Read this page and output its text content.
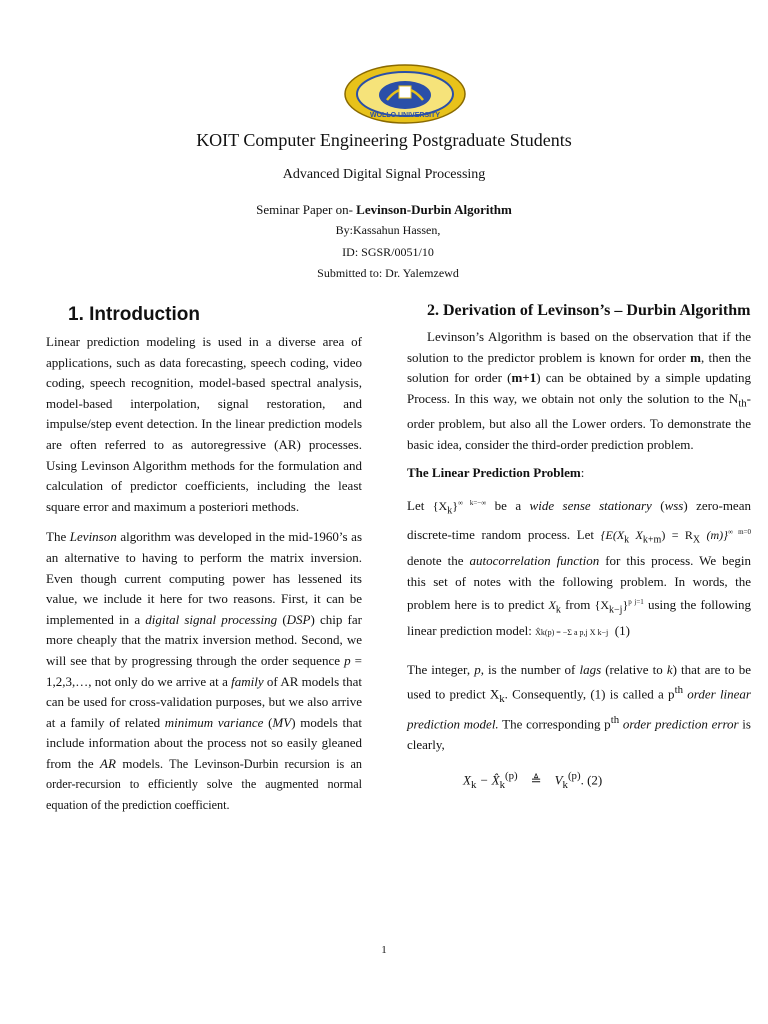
WOLLO UNIVERSITY
KOIT Computer Engineering Postgraduate Students
Advanced Digital Signal Processing
Seminar Paper on- Levinson-Durbin Algorithm
By:Kassahun Hassen,
ID: SGSR/0051/10
Submitted to: Dr. Yalemzewd
1. Introduction

Linear prediction modeling is used in a diverse area of applications, such as data forecasting, speech coding, video coding, speech recognition, model-based spectral analysis, model-based interpolation, signal restoration, and impulse/step event detection. In the linear prediction models are often referred to as autoregressive (AR) processes. Using Levinson Algorithm methods for the formulation and calculation of predictor coefficients, including the least square error and maximum a posteriori methods.

The Levinson algorithm was developed in the mid-1960’s as an alternative to having to perform the matrix inversion. Even though current computing power has lessened its value, we include it here for two reasons. First, it can be implemented in a digital signal processing (DSP) chip far more cheaply that the matrix inversion method. Second, we will see that by progressing through the order sequence p = 1,2,3,…, not only do we arrive at a family of AR models that can be used for cross-validation purposes, but we also arrive at a family of related minimum variance (MV) models that include information about the process not so easily gleaned from the AR models. The Levinson-Durbin recursion is an order-recursion to efficiently solve the augmented normal equation of the prediction coefficient.

2. Derivation of Levinson’s – Durbin Algorithm

Levinson’s Algorithm is based on the observation that if the solution to the predictor problem is known for order m, then the solution for order (m+1) can be obtained by a simple updating Process. In this way, we obtain not only the solution to the $N_{th}$-order problem, but also all the Lower orders. To demonstrate the basic idea, consider the third-order prediction problem.

The Linear Prediction Problem:

Let $\{X_k\}^{\infty k=-\infty}$ be a wide sense stationary (wss) zero-mean discrete-time random process. Let {$E(X_k$ $X_{k+m}) = R_X$ (m)}$^{\infty m=0}$ denote the autocorrelation function for this process. We begin this set of notes with the following problem. In words, the problem here is to predict $X_k$ from $\{X_{k-j}\}^{p j=1}$ using the following linear prediction model: X̂k(p) = −Σ a p,j X k−j (1)

The integer, p, is the number of lags (relative to k) that are to be used to predict $X_k$. Consequently, (1) is called a $p^{th}$ order linear prediction model. The corresponding $p^{th}$ order prediction error is clearly,

$X_k$ − $X̂_k^{(p)}$ ≜ $V_k^{(p)}$. (2)
1
